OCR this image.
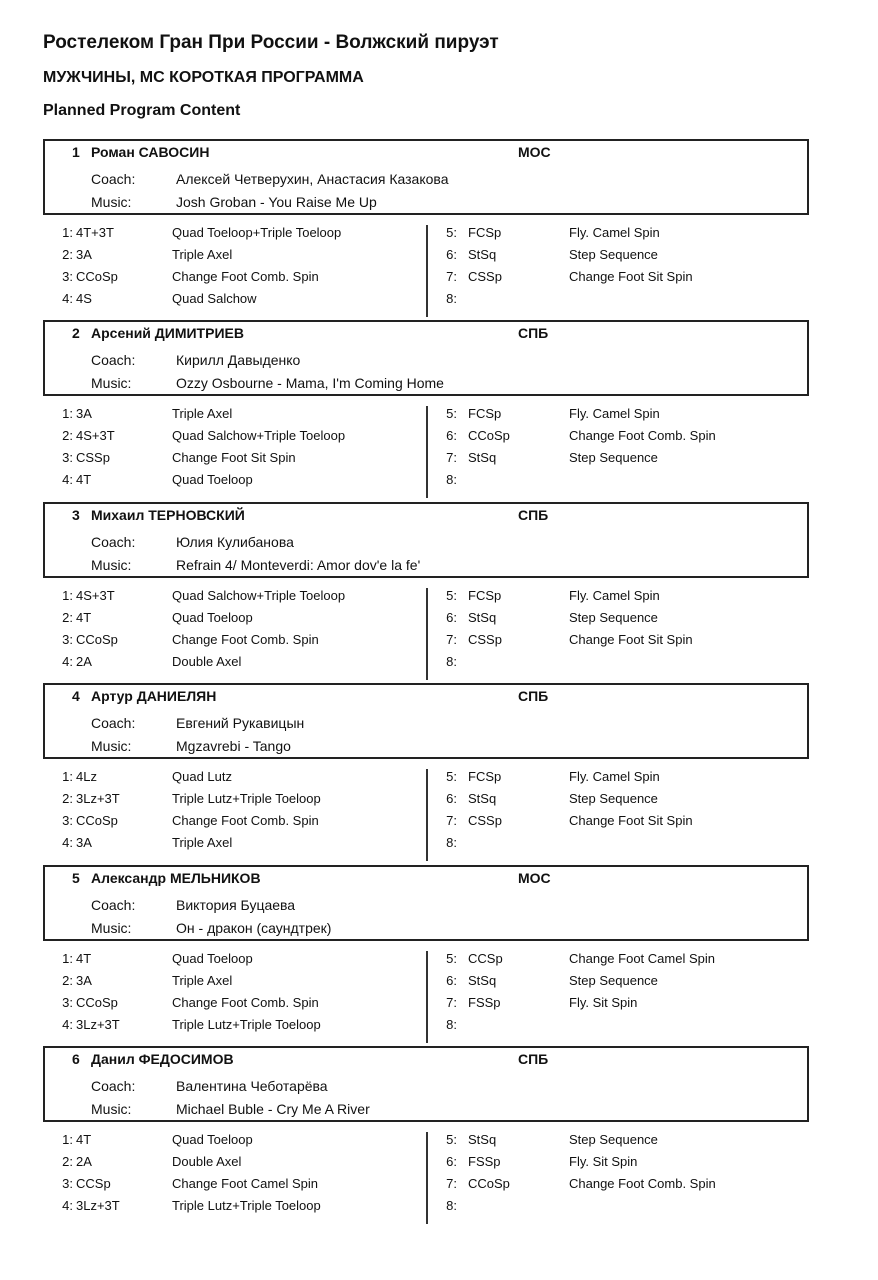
Ростелеком Гран При России - Волжский пируэт
МУЖЧИНЫ, МС КОРОТКАЯ ПРОГРАММА
Planned Program Content
1 Роман САВОСИН	МОС
Coach:	Алексей Четверухин, Анастасия Казакова
Music:	Josh Groban - You Raise Me Up
1: 4T+3T	Quad Toeloop+Triple Toeloop
2: 3A	Triple Axel
3: CCoSp	Change Foot Comb. Spin
4: 4S	Quad Salchow
5: FCSp	Fly. Camel Spin
6: StSq	Step Sequence
7: CSSp	Change Foot Sit Spin
8:
2 Арсений ДИМИТРИЕВ	СПБ
Coach:	Кирилл Давыденко
Music:	Ozzy Osbourne - Mama, I'm Coming Home
1: 3A	Triple Axel
2: 4S+3T	Quad Salchow+Triple Toeloop
3: CSSp	Change Foot Sit Spin
4: 4T	Quad Toeloop
5: FCSp	Fly. Camel Spin
6: CCoSp	Change Foot Comb. Spin
7: StSq	Step Sequence
8:
3 Михаил ТЕРНОВСКИЙ	СПБ
Coach:	Юлия Кулибанова
Music:	Refrain 4/ Monteverdi: Amor dov'e la fe'
1: 4S+3T	Quad Salchow+Triple Toeloop
2: 4T	Quad Toeloop
3: CCoSp	Change Foot Comb. Spin
4: 2A	Double Axel
5: FCSp	Fly. Camel Spin
6: StSq	Step Sequence
7: CSSp	Change Foot Sit Spin
8:
4 Артур ДАНИЕЛЯН	СПБ
Coach:	Евгений Рукавицын
Music:	Mgzavrebi - Tango
1: 4Lz	Quad Lutz
2: 3Lz+3T	Triple Lutz+Triple Toeloop
3: CCoSp	Change Foot Comb. Spin
4: 3A	Triple Axel
5: FCSp	Fly. Camel Spin
6: StSq	Step Sequence
7: CSSp	Change Foot Sit Spin
8:
5 Александр МЕЛЬНИКОВ	МОС
Coach:	Виктория Буцаева
Music:	Он - дракон (саундтрек)
1: 4T	Quad Toeloop
2: 3A	Triple Axel
3: CCoSp	Change Foot Comb. Spin
4: 3Lz+3T	Triple Lutz+Triple Toeloop
5: CCSp	Change Foot Camel Spin
6: StSq	Step Sequence
7: FSSp	Fly. Sit Spin
8:
6 Данил ФЕДОСИМОВ	СПБ
Coach:	Валентина Чеботарёва
Music:	Michael Buble - Cry Me A River
1: 4T	Quad Toeloop
2: 2A	Double Axel
3: CCSp	Change Foot Camel Spin
4: 3Lz+3T	Triple Lutz+Triple Toeloop
5: StSq	Step Sequence
6: FSSp	Fly. Sit Spin
7: CCoSp	Change Foot Comb. Spin
8:
